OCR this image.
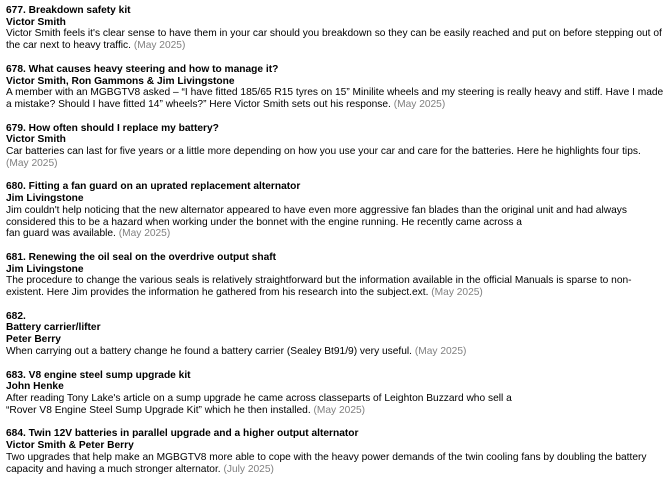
677. Breakdown safety kit
Victor Smith

Victor Smith feels it's clear sense to have them in your car should you breakdown so they can be easily reached and put on before stepping out of the car next to heavy traffic. (May 2025)

678. What causes heavy steering and how to manage it?
Victor Smith, Ron Gammons & Jim Livingstone

A member with an MGBGTV8 asked – “I have fitted 185/65 R15 tyres on 15” Minilite wheels and my steering is really heavy and stiff. Have I made a mistake? Should I have fitted 14” wheels?” Here Victor Smith sets out his response. (May 2025)

679. How often should I replace my battery?
Victor Smith

Car batteries can last for five years or a little more depending on how you use your car and care for the batteries. Here he highlights four tips. (May 2025)

680. Fitting a fan guard on an uprated replacement alternator
Jim Livingstone

Jim couldn't help noticing that the new alternator appeared to have even more aggressive fan blades than the original unit and had always considered this to be a hazard when working under the bonnet with the engine running. He recently came across afan guard was available. (May 2025)

681. Renewing the oil seal on the overdrive output shaft
Jim Livingstone

The procedure to change the various seals is relatively straightforward but the information available in the official Manuals is sparse to non-existent. Here Jim provides the information he gathered from his research into the subject.ext. (May 2025)

682.
Battery carrier/lifter
Peter Berry

When carrying out a battery change he found a battery carrier (Sealey Bt91/9) very useful. (May 2025)

683. V8 engine steel sump upgrade kit
John Henke

After reading Tony Lake's article on a sump upgrade he came across classeparts of Leighton Buzzard who sell a“Rover V8 Engine Steel Sump Upgrade Kit” which he then installed. (May 2025)

684. Twin 12V batteries in parallel upgrade and a higher output alternator
Victor Smith & Peter Berry

Two upgrades that help make an MGBGTV8 more able to cope with the heavy power demands of the twin cooling fans by doubling the battery capacity and having a much stronger alternator. (July 2025)
